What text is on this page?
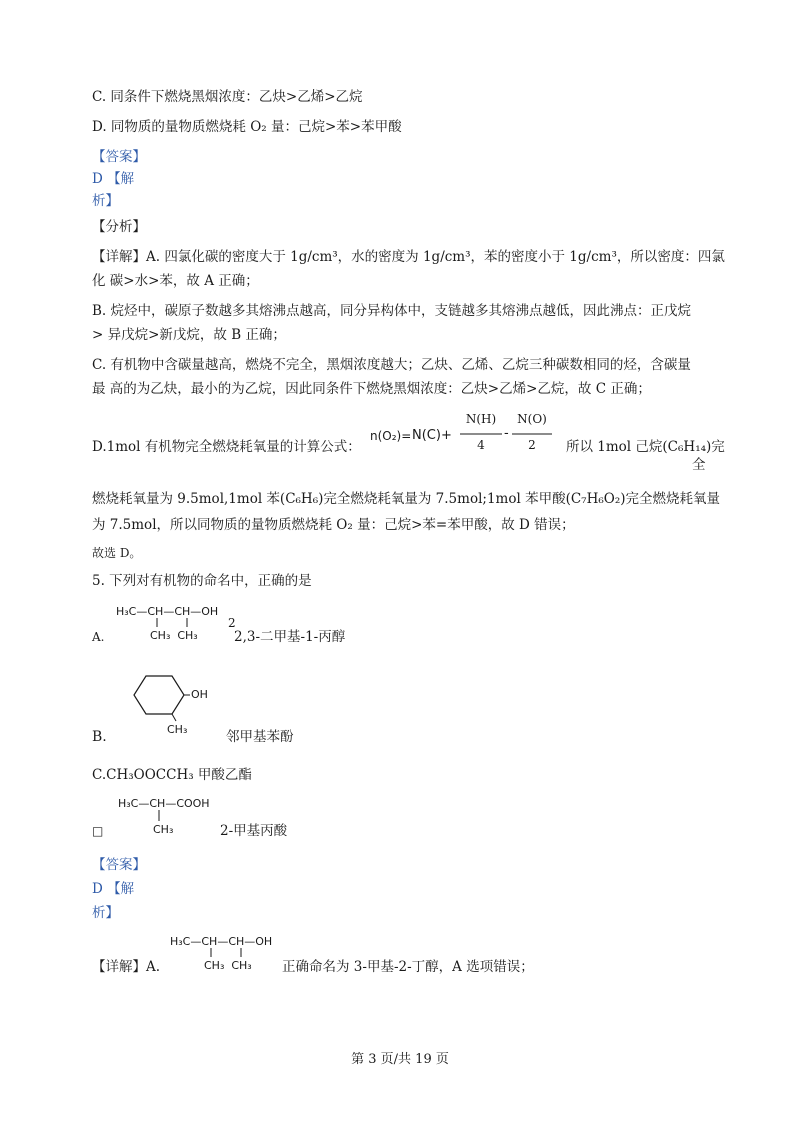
C. 同条件下燃烧黑烟浓度：乙炔>乙烯>乙烷
D. 同物质的量物质燃烧耗 O₂ 量：己烷>苯>苯甲酸
【答案】
D 【解
析】
【分析】
【详解】A. 四氯化碳的密度大于 1g/cm³，水的密度为 1g/cm³，苯的密度小于 1g/cm³，所以密度：四氯
化 碳>水>苯，故 A 正确；
B. 烷烃中，碳原子数越多其熔沸点越高，同分异构体中，支链越多其熔沸点越低，因此沸点：正戊烷
> 异戊烷>新戊烷，故 B 正确；
C. 有机物中含碳量越高，燃烧不完全，黑烟浓度越大；乙炔、乙烯、乙烷三种碳数相同的烃，含碳量
最 高的为乙炔，最小的为乙烷，因此同条件下燃烧黑烟浓度：乙炔>乙烯>乙烷，故 C 正确；
D.1mol 有机物完全燃烧耗氧量的计算公式：
n(O₂)= N(C)+
N(H)
4
-
N(O)
2	所以 1mol 己烷(C₆H₁₄)完
全
燃烧耗氧量为 9.5mol,1mol 苯(C₆H₆)完全燃烧耗氧量为 7.5mol;1mol 苯甲酸(C₇H₆O₂)完全燃烧耗氧量
为 7.5mol，所以同物质的量物质燃烧耗 O₂ 量：己烷>苯=苯甲酸，故 D 错误；
故选 D。
5. 下列对有机物的命名中，正确的是
H₃C—CH—CH—OH
CH₃  CH₃
A.
2
2,3-二甲基-1-丙醇
OH
CH₃
B.	邻甲基苯酚
C.CH₃OOCCH₃ 甲酸乙酯
H₃C—CH—COOH
CH₃
□	2-甲基丙酸
【答案】
D 【解
析】
H₃C—CH—CH—OH
CH₃  CH₃
【详解】A.	正确命名为 3-甲基-2-丁醇，A 选项错误；
第 3 页/共 19 页
